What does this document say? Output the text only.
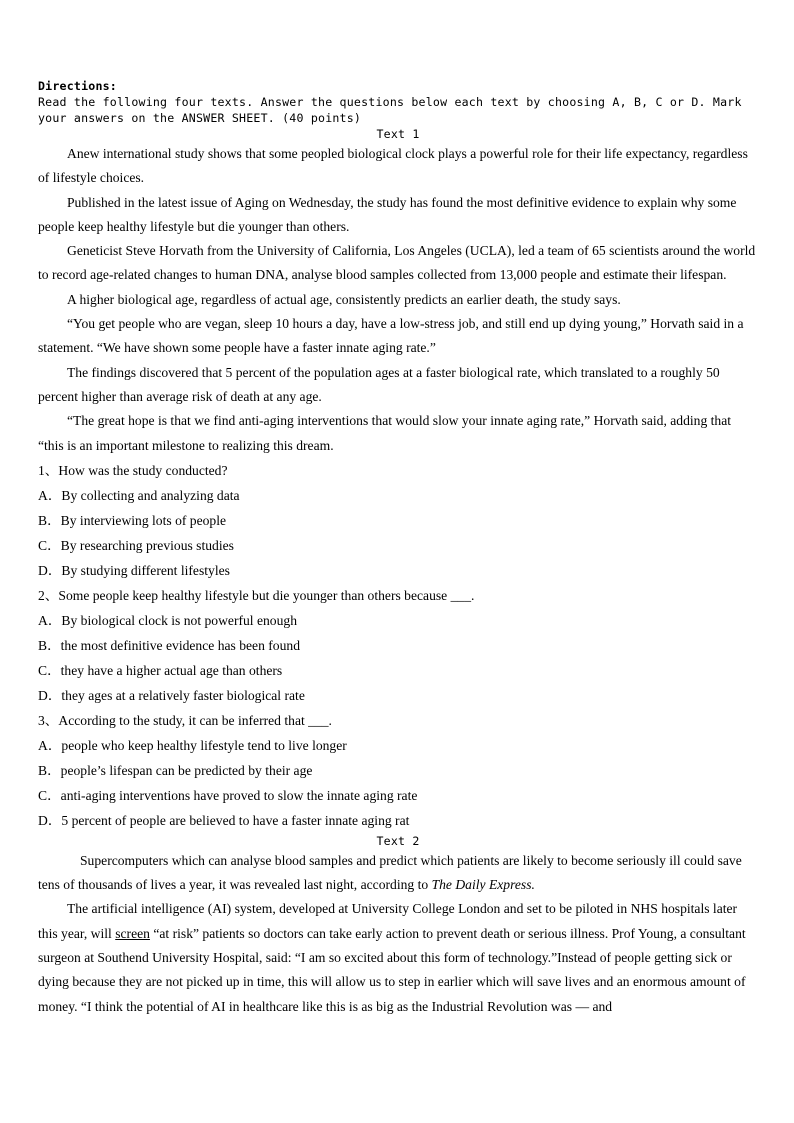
Directions:
Read the following four texts. Answer the questions below each text by choosing A, B, C or D. Mark
your answers on the ANSWER SHEET. (40 points)
Text 1

Anew international study shows that some peopled biological clock plays a powerful role for their life expectancy, regardless of lifestyle choices.

Published in the latest issue of Aging on Wednesday, the study has found the most definitive evidence to explain why some people keep healthy lifestyle but die younger than others.

Geneticist Steve Horvath from the University of California, Los Angeles (UCLA), led a team of 65 scientists around the world to record age-related changes to human DNA, analyse blood samples collected from 13,000 people and estimate their lifespan.

A higher biological age, regardless of actual age, consistently predicts an earlier death, the study says.

“You get people who are vegan, sleep 10 hours a day, have a low-stress job, and still end up dying young,” Horvath said in a statement. “We have shown some people have a faster innate aging rate.”

The findings discovered that 5 percent of the population ages at a faster biological rate, which translated to a roughly 50 percent higher than average risk of death at any age.

“The great hope is that we find anti-aging interventions that would slow your innate aging rate,” Horvath said, adding that “this is an important milestone to realizing this dream.

1、How was the study conducted?

A．By collecting and analyzing data

B．By interviewing lots of people

C．By researching previous studies

D．By studying different lifestyles

2、Some people keep healthy lifestyle but die younger than others because ___.

A．By biological clock is not powerful enough

B．the most definitive evidence has been found

C．they have a higher actual age than others

D．they ages at a relatively faster biological rate

3、According to the study, it can be inferred that ___.

A．people who keep healthy lifestyle tend to live longer

B．people’s lifespan can be predicted by their age

C．anti-aging interventions have proved to slow the innate aging rate

D．5 percent of people are believed to have a faster innate aging rat

Text 2

Supercomputers which can analyse blood samples and predict which patients are likely to become seriously ill could save tens of thousands of lives a year, it was revealed last night, according to The Daily Express.

The artificial intelligence (AI) system, developed at University College London and set to be piloted in NHS hospitals later this year, will screen “at risk” patients so doctors can take early action to prevent death or serious illness. Prof Young, a consultant surgeon at Southend University Hospital, said: “I am so excited about this form of technology.”Instead of people getting sick or dying because they are not picked up in time, this will allow us to step in earlier which will save lives and an enormous amount of money. “I think the potential of AI in healthcare like this is as big as the Industrial Revolution was — and
